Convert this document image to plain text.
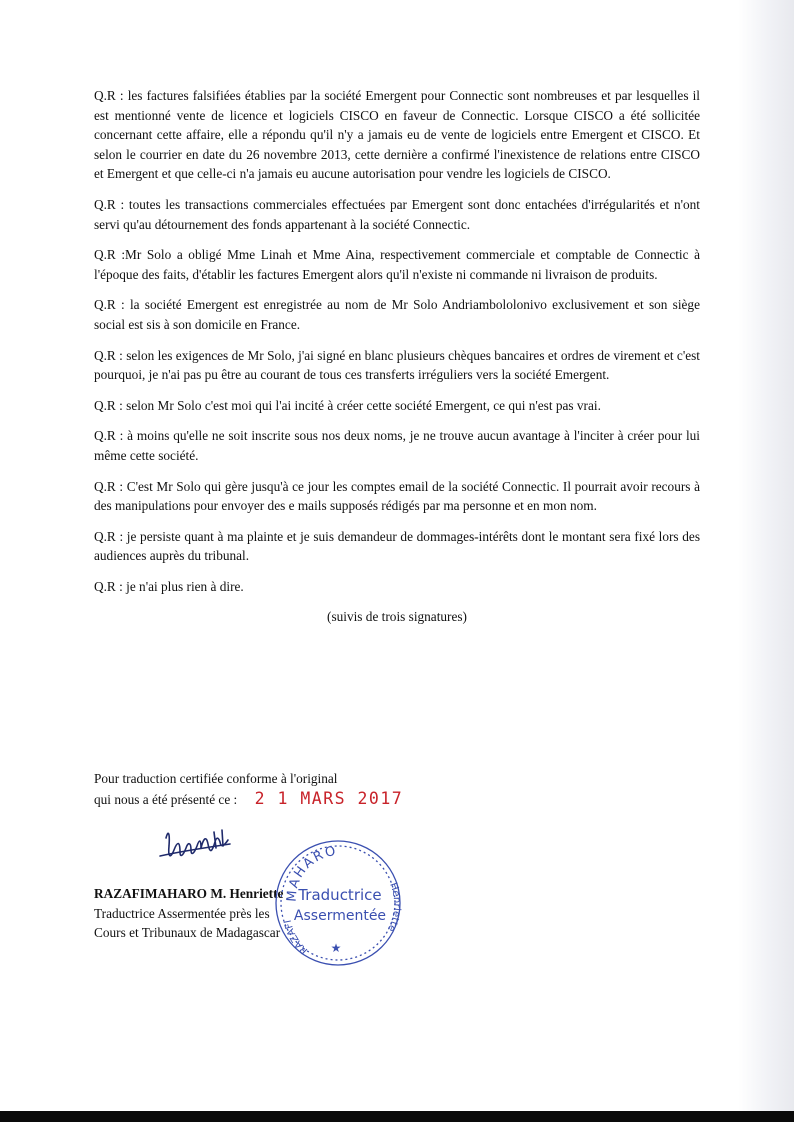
Q.R : les factures falsifiées établies par la société Emergent pour Connectic sont nombreuses et par lesquelles il est mentionné vente de licence et logiciels CISCO en faveur de Connectic. Lorsque CISCO a été sollicitée concernant cette affaire, elle a répondu qu'il n'y a jamais eu de vente de logiciels entre Emergent et CISCO. Et selon le courrier en date du 26 novembre 2013, cette dernière a confirmé l'inexistence de relations entre CISCO et Emergent et que celle-ci n'a jamais eu aucune autorisation pour vendre les logiciels de CISCO.

Q.R : toutes les transactions commerciales effectuées par Emergent sont donc entachées d'irrégularités et n'ont servi qu'au détournement des fonds appartenant à la société Connectic.

Q.R :Mr Solo a obligé Mme Linah et Mme Aina, respectivement commerciale et comptable de Connectic à l'époque des faits, d'établir les factures Emergent alors qu'il n'existe ni commande ni livraison de produits.

Q.R : la société Emergent est enregistrée au nom de Mr Solo Andriambololonivo exclusivement et son siège social est sis à son domicile en France.

Q.R : selon les exigences de Mr Solo, j'ai signé en blanc plusieurs chèques bancaires et ordres de virement et c'est pourquoi, je n'ai pas pu être au courant de tous ces transferts irréguliers vers la société Emergent.

Q.R : selon Mr Solo c'est moi qui l'ai incité à créer cette société Emergent, ce qui n'est pas vrai.

Q.R : à moins qu'elle ne soit inscrite sous nos deux noms, je ne trouve aucun avantage à l'inciter à créer pour lui même cette société.

Q.R : C'est Mr Solo qui gère jusqu'à ce jour les comptes email de la société Connectic. Il pourrait avoir recours à des manipulations pour envoyer des e mails supposés rédigés par ma personne et en mon nom.

Q.R : je persiste quant à ma plainte et je suis demandeur de dommages-intérêts dont le montant sera fixé lors des audiences auprès du tribunal.

Q.R : je n'ai plus rien à dire.

(suivis de trois signatures)

Pour traduction certifiée conforme à l'original
qui nous a été présenté ce : 2 1 MARS 2017
RAZAFIMAHARO M. Henriette
Traductrice Assermentée près les
Cours et Tribunaux de Madagascar
MAHARO
Henriette
RAZAFI
Traductrice
Assermentée
★
